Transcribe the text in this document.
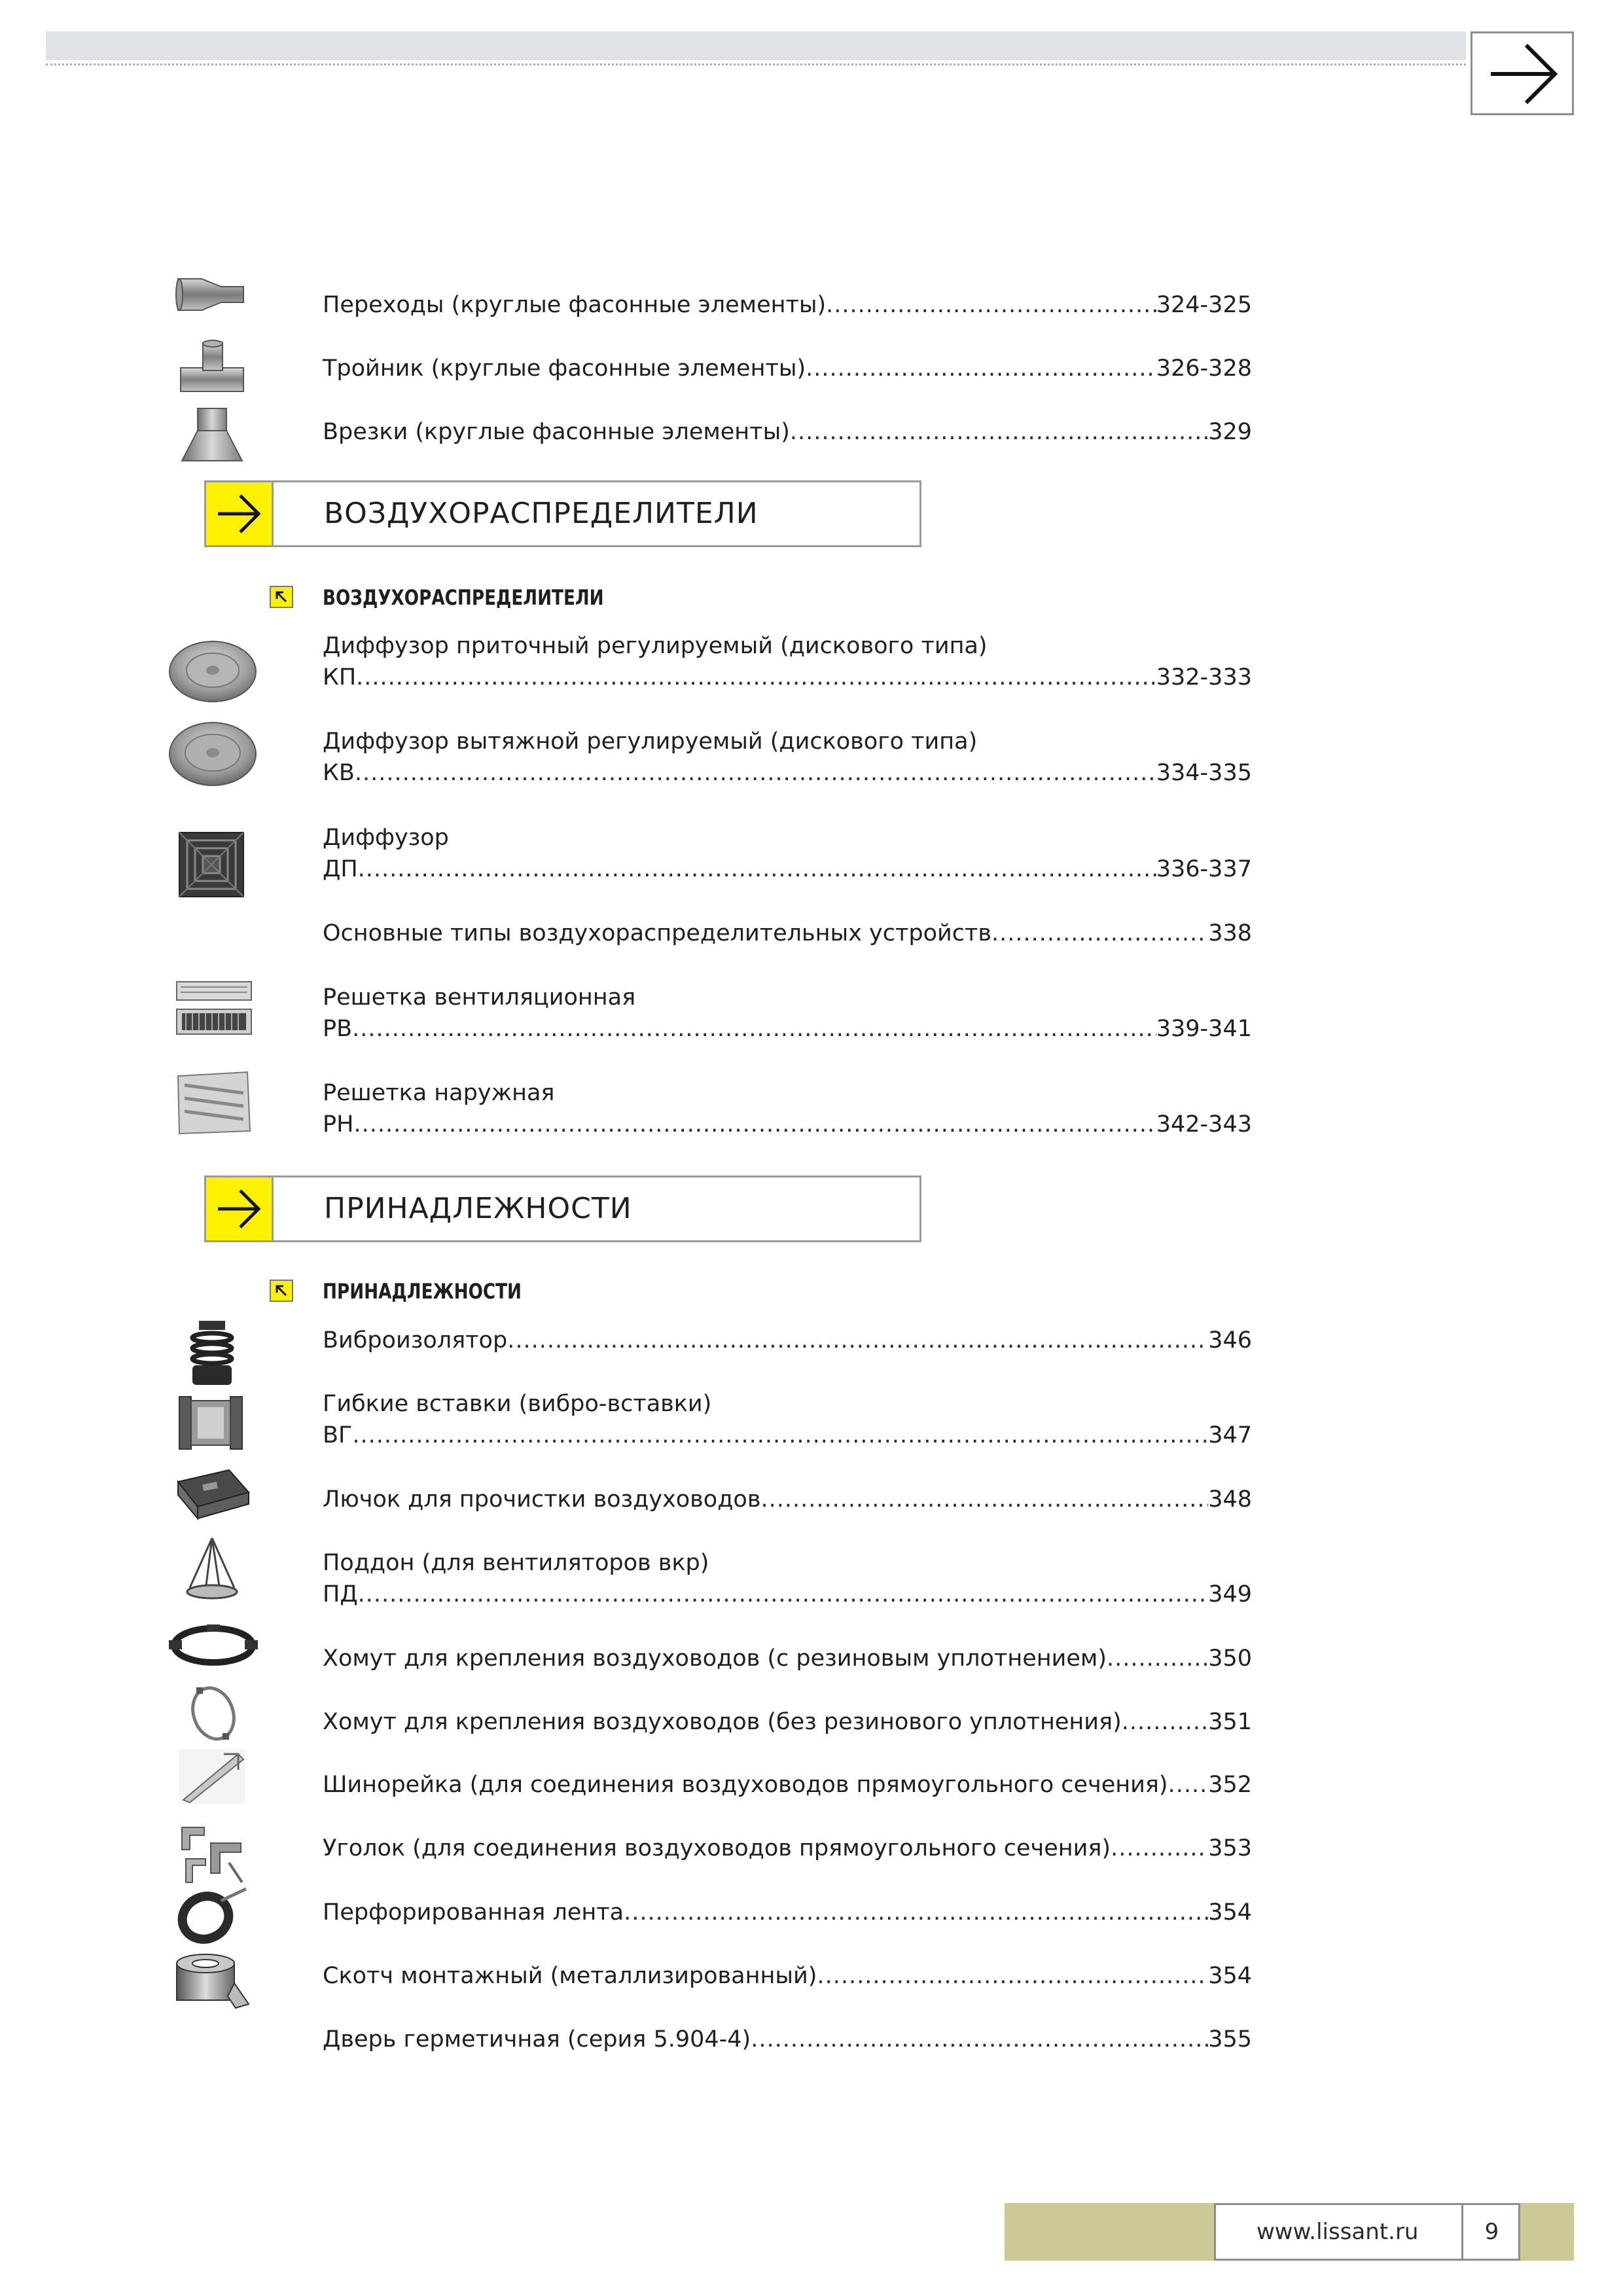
Переходы (круглые фасонные элементы) .....	324-325
Тройник (круглые фасонные элементы) .....	326-328
Врезки (круглые фасонные элементы) .....	329
ВОЗДУХОРАСПРЕДЕЛИТЕЛИ
ВОЗДУХОРАСПРЕДЕЛИТЕЛИ
Диффузор приточный регулируемый (дискового типа)
КП .....	332-333
Диффузор вытяжной регулируемый (дискового типа)
КВ .....	334-335
Диффузор
ДП .....	336-337
Основные типы воздухораспределительных устройств .....	338
Решетка вентиляционная
РВ .....	339-341
Решетка наружная
РН .....	342-343
ПРИНАДЛЕЖНОСТИ
ПРИНАДЛЕЖНОСТИ
Виброизолятор .....	346
Гибкие вставки (вибро-вставки)
ВГ .....	347
Лючок для прочистки воздуховодов .....	348
Поддон (для вентиляторов вкр)
ПД .....	349
Хомут для крепления воздуховодов (с резиновым уплотнением) .....	350
Хомут для крепления воздуховодов (без резинового уплотнения) .....	351
Шинорейка (для соединения воздуховодов прямоугольного сечения) ..... 352
Уголок (для соединения воздуховодов прямоугольного сечения) .....	353
Перфорированная лента .....	354
Скотч монтажный (металлизированный) .....	354
Дверь герметичная (серия 5.904-4) .....	355
www.lissant.ru	9
